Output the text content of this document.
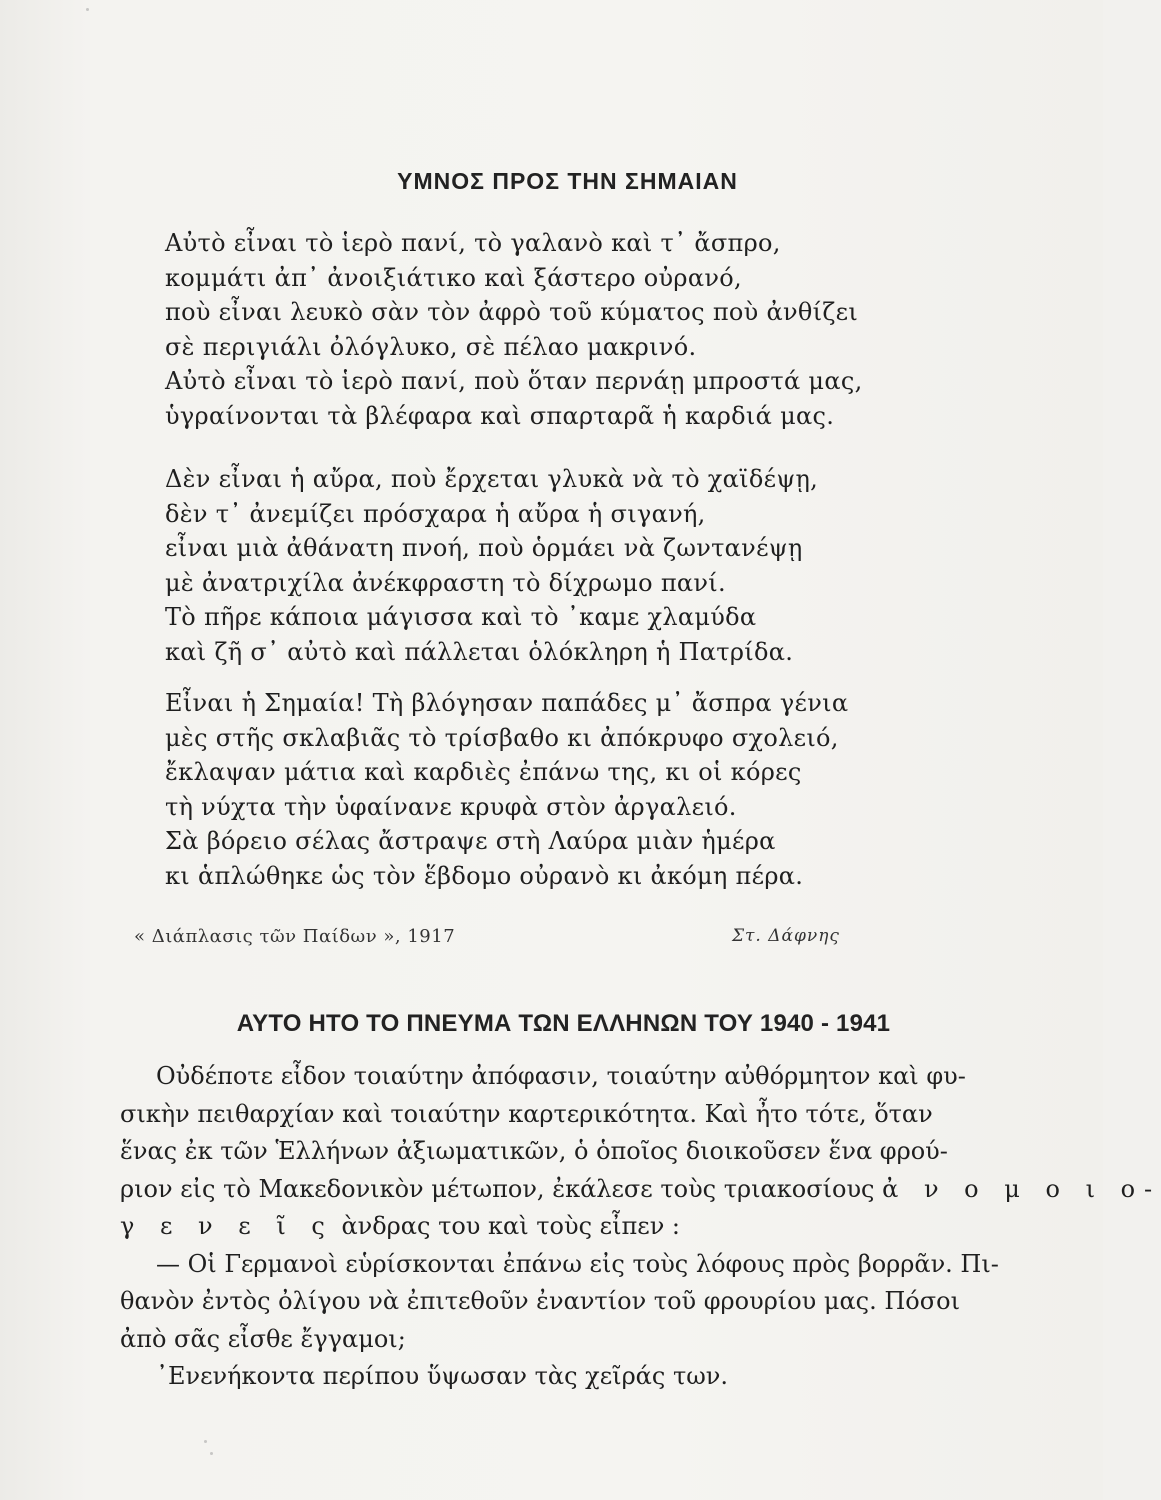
ΥΜΝΟΣ ΠΡΟΣ ΤΗΝ ΣΗΜΑΙΑΝ
Αὐτὸ εἶναι τὸ ἱερὸ πανί, τὸ γαλανὸ καὶ τ᾽ ἄσπρο,
κομμάτι ἀπ᾽ ἀνοιξιάτικο καὶ ξάστερο οὐρανό,
ποὺ εἶναι λευκὸ σὰν τὸν ἀφρὸ τοῦ κύματος ποὺ ἀνθίζει
σὲ περιγιάλι ὀλόγλυκο, σὲ πέλαο μακρινό.
Αὐτὸ εἶναι τὸ ἱερὸ πανί, ποὺ ὅταν περνάῃ μπροστά μας,
ὑγραίνονται τὰ βλέφαρα καὶ σπαρταρᾶ ἡ καρδιά μας.
Δὲν εἶναι ἡ αὔρα, ποὺ ἔρχεται γλυκὰ νὰ τὸ χαϊδέψῃ,
δὲν τ᾽ ἀνεμίζει πρόσχαρα ἡ αὔρα ἡ σιγανή,
εἶναι μιὰ ἀθάνατη πνοή, ποὺ ὁρμάει νὰ ζωντανέψῃ
μὲ ἀνατριχίλα ἀνέκφραστη τὸ δίχρωμο πανί.
Τὸ πῆρε κάποια μάγισσα καὶ τὸ ᾽καμε χλαμύδα
καὶ ζῆ σ᾽ αὐτὸ καὶ πάλλεται ὁλόκληρη ἡ Πατρίδα.
Εἶναι ἡ Σημαία! Τὴ βλόγησαν παπάδες μ᾽ ἄσπρα γένια
μὲς στῆς σκλαβιᾶς τὸ τρίσβαθο κι ἀπόκρυφο σχολειό,
ἔκλαψαν μάτια καὶ καρδιὲς ἐπάνω της, κι οἱ κόρες
τὴ νύχτα τὴν ὑφαίνανε κρυφὰ στὸν ἀργαλειό.
Σὰ βόρειο σέλας ἄστραψε στὴ Λαύρα μιὰν ἡμέρα
κι ἁπλώθηκε ὡς τὸν ἕβδομο οὐρανὸ κι ἀκόμη πέρα.
« Διάπλασις τῶν Παίδων », 1917	Στ. Δάφνης
ΑΥΤΟ ΗΤΟ ΤΟ ΠΝΕΥΜΑ ΤΩΝ ΕΛΛΗΝΩΝ ΤΟΥ 1940 - 1941
Οὐδέποτε εἶδον τοιαύτην ἀπόφασιν, τοιαύτην αὐθόρμητον καὶ φυ-
σικὴν πειθαρχίαν καὶ τοιαύτην καρτερικότητα. Καὶ ἦτο τότε, ὅταν
ἕνας ἐκ τῶν Ἑλλήνων ἀξιωματικῶν, ὁ ὁποῖος διοικοῦσεν ἕνα φρού-
ριον εἰς τὸ Μακεδονικὸν μέτωπον, ἐκάλεσε τοὺς τριακοσίους ἀ ν ο μ ο ι ο-
γ ε ν ε ῖ ς ὰνδρας του καὶ τοὺς εἶπεν :
— Οἱ Γερμανοὶ εὑρίσκονται ἐπάνω εἰς τοὺς λόφους πρὸς βορρᾶν. Πι-
θανὸν ἐντὸς ὀλίγου νὰ ἐπιτεθοῦν ἐναντίον τοῦ φρουρίου μας. Πόσοι
ἀπὸ σᾶς εἶσθε ἔγγαμοι;
᾽Ενενήκοντα περίπου ὕψωσαν τὰς χεῖράς των.
